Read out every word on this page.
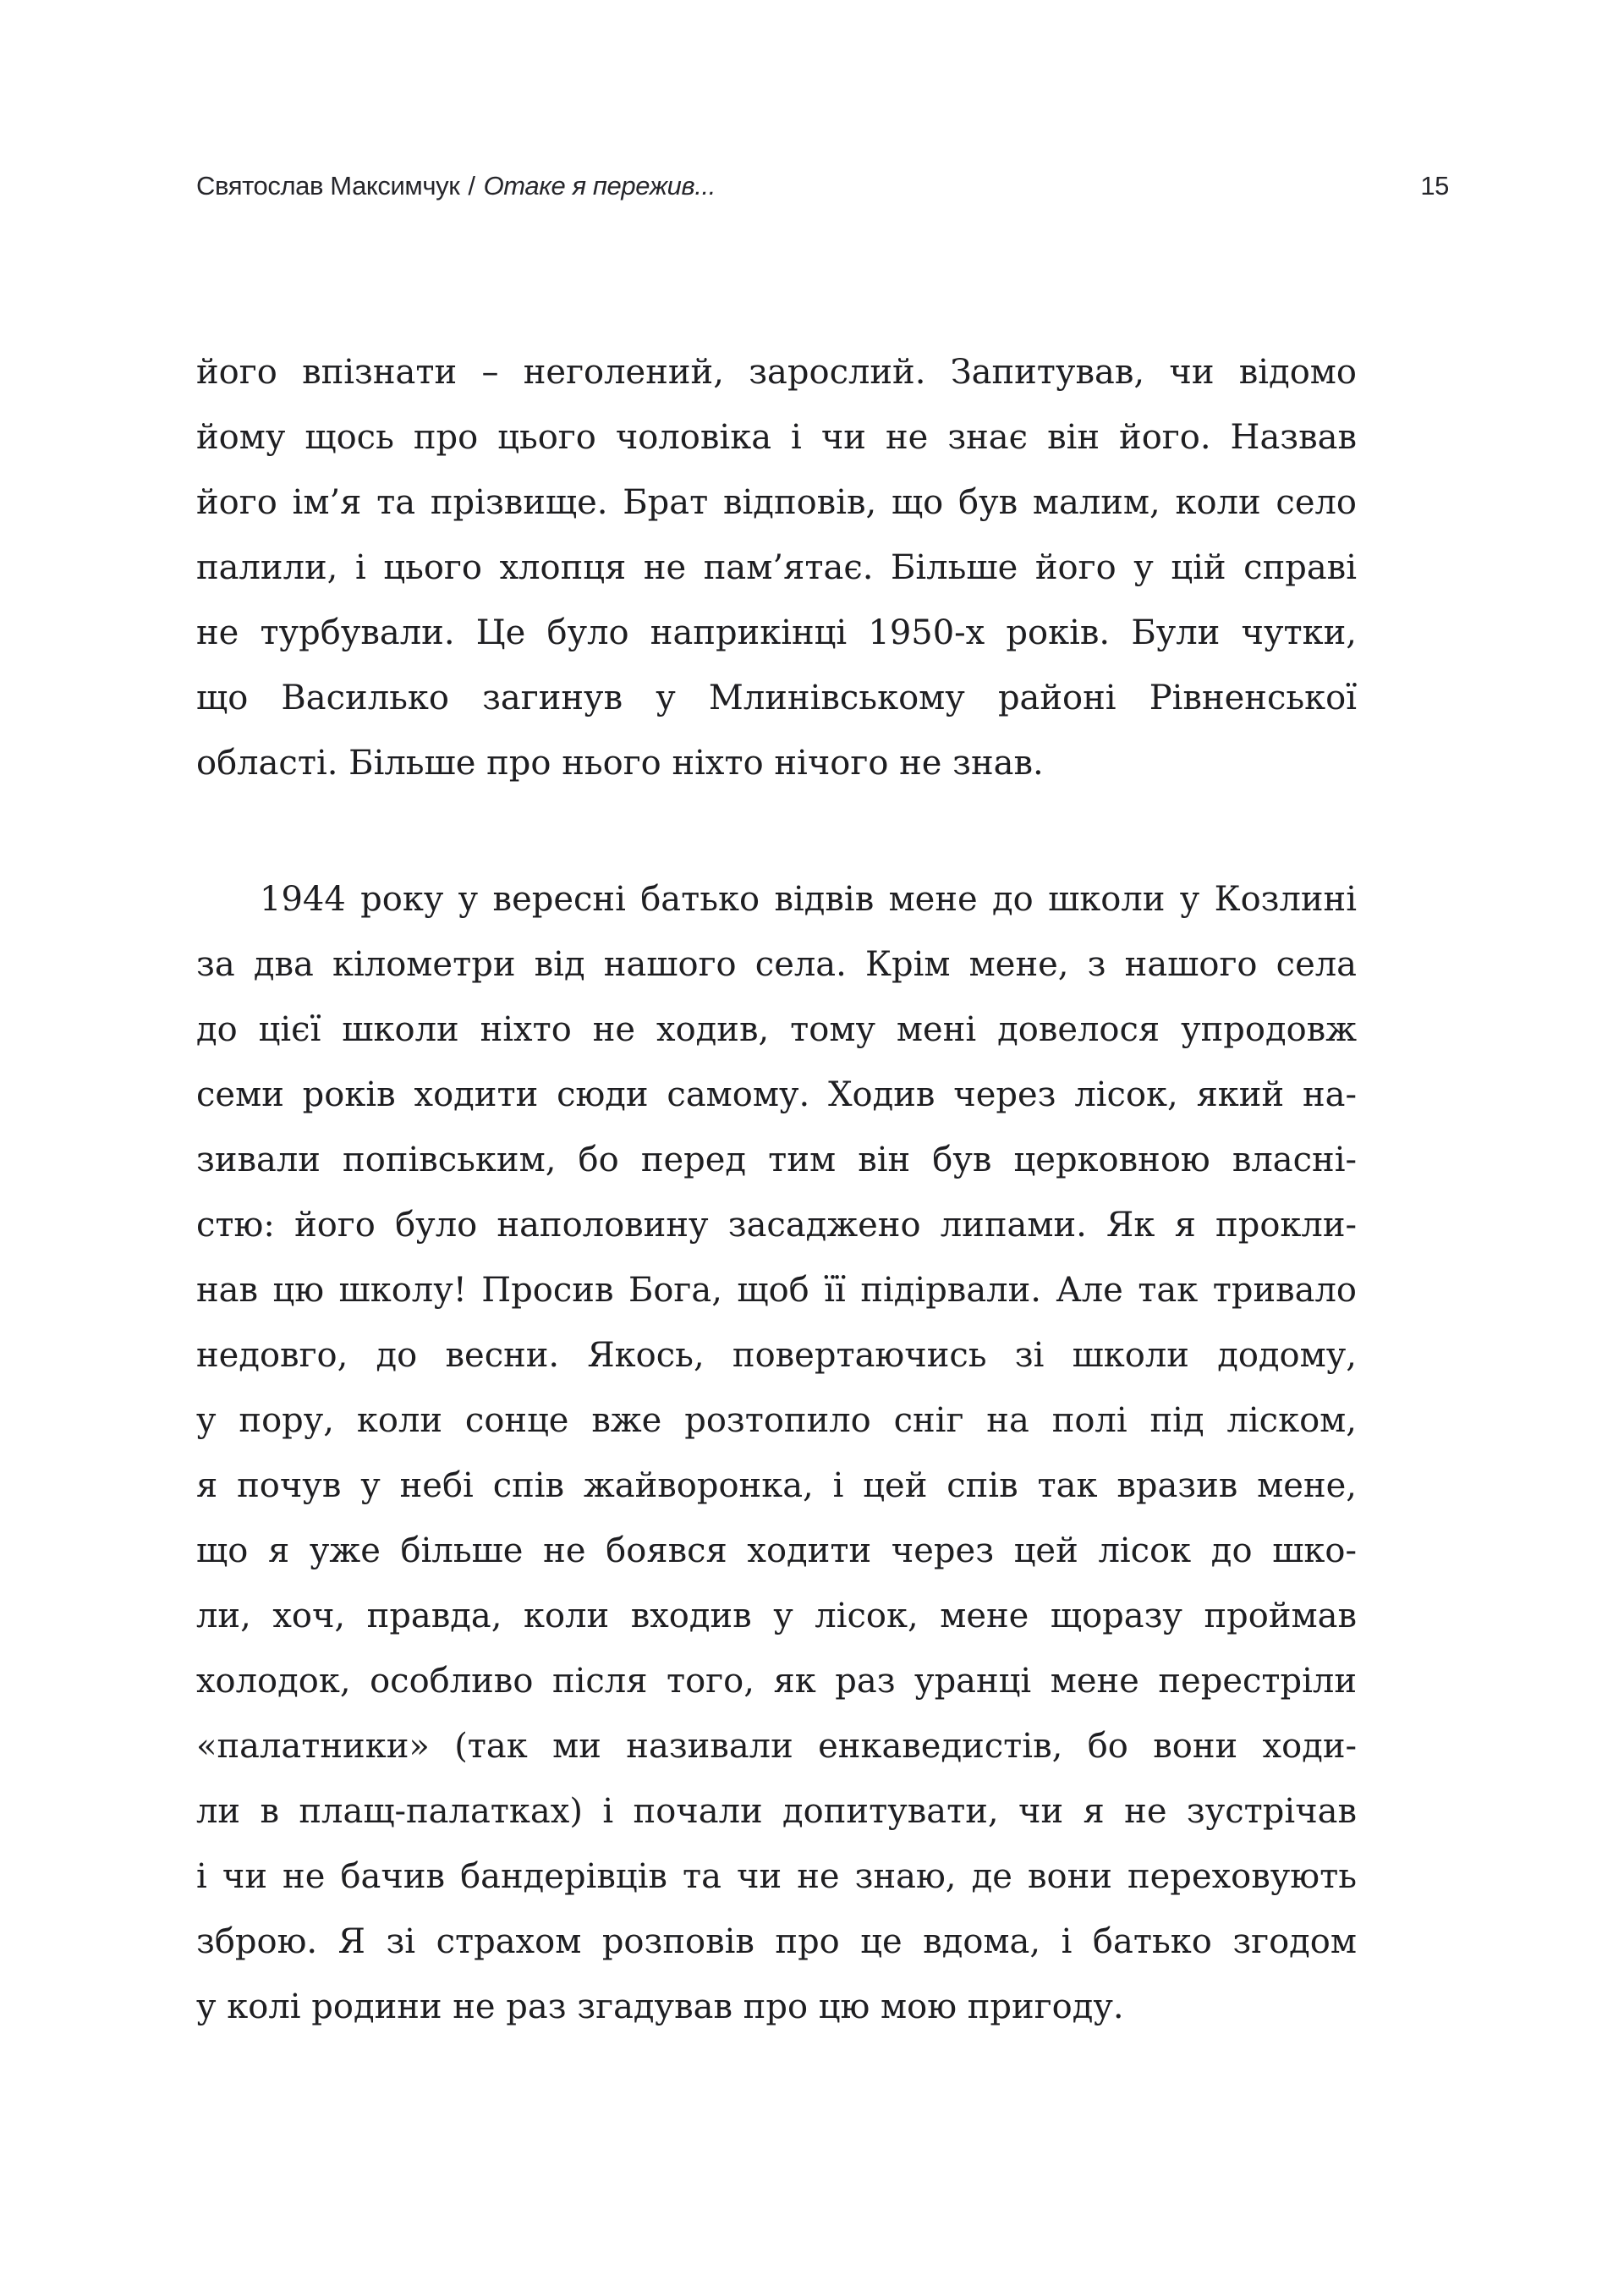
Святослав Максимчук / Отаке я пережив...	15
його впізнати – неголений, зарослий. Запитував, чи відомо
йому щось про цього чоловіка і чи не знає він його. Назвав
його ім’я та прізвище. Брат відповів, що був малим, коли село
палили, і цього хлопця не пам’ятає. Більше його у цій справі
не турбували. Це було наприкінці 1950-х років. Були чутки,
що Василько загинув у Млинівському районі Рівненської
області. Більше про нього ніхто нічого не знав.
1944 року у вересні батько відвів мене до школи у Козлині
за два кілометри від нашого села. Крім мене, з нашого села
до цієї школи ніхто не ходив, тому мені довелося упродовж
семи років ходити сюди самому. Ходив через лісок, який на-
зивали попівським, бо перед тим він був церковною власні-
стю: його було наполовину засаджено липами. Як я прокли-
нав цю школу! Просив Бога, щоб її підірвали. Але так тривало
недовго, до весни. Якось, повертаючись зі школи додому,
у пору, коли сонце вже розтопило сніг на полі під ліском,
я почув у небі спів жайворонка, і цей спів так вразив мене,
що я уже більше не боявся ходити через цей лісок до шко-
ли, хоч, правда, коли входив у лісок, мене щоразу проймав
холодок, особливо після того, як раз уранці мене перестріли
«палатники» (так ми називали енкаведистів, бо вони ходи-
ли в плащ-палатках) і почали допитувати, чи я не зустрічав
і чи не бачив бандерівців та чи не знаю, де вони переховують
зброю. Я зі страхом розповів про це вдома, і батько згодом
у колі родини не раз згадував про цю мою пригоду.
